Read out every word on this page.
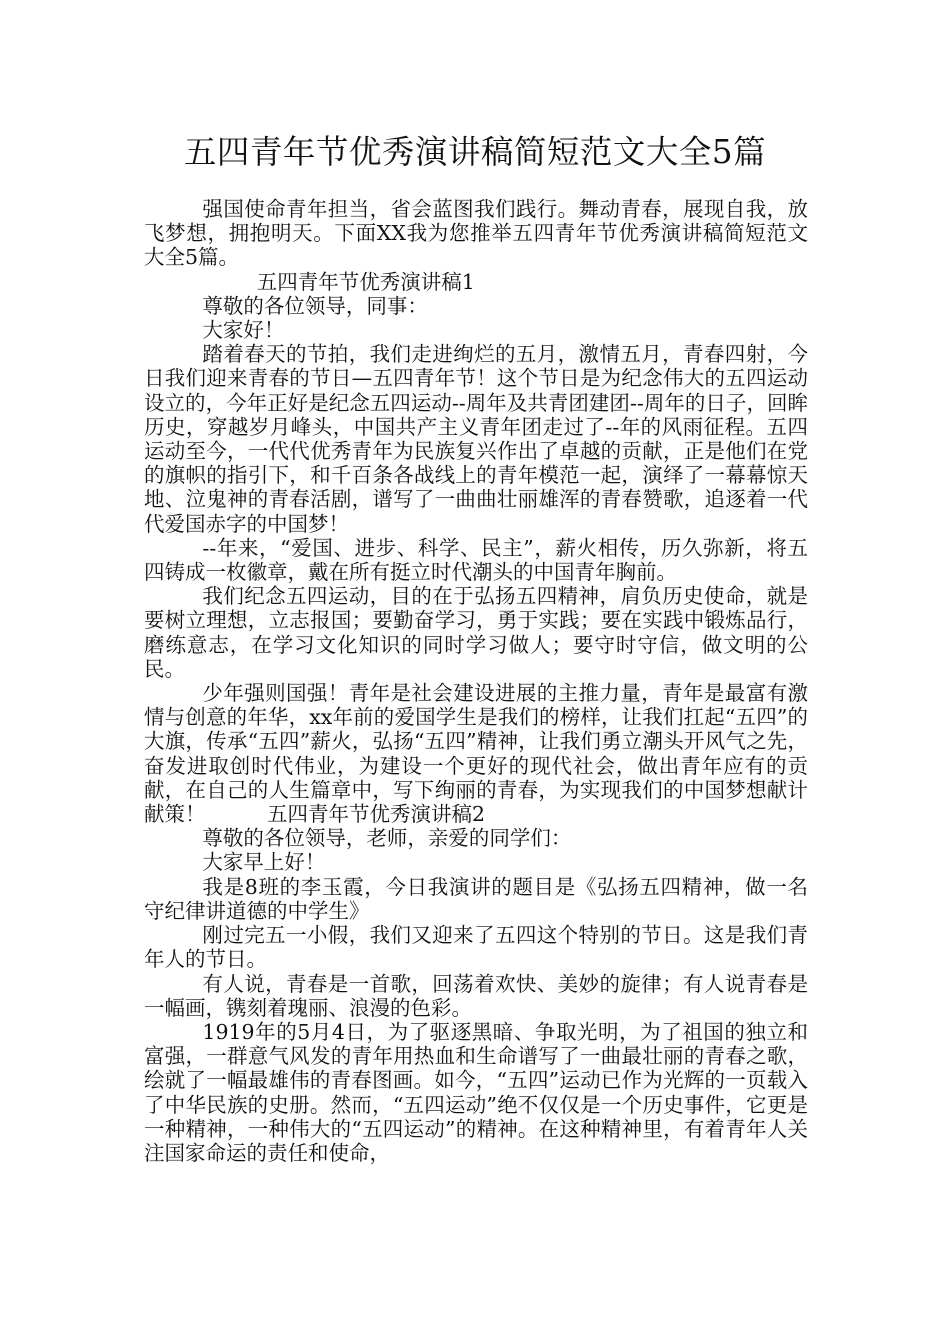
五四青年节优秀演讲稿简短范文大全5篇

强国使命青年担当，省会蓝图我们践行。舞动青春，展现自我，放飞梦想，拥抱明天。下面XX我为您推举五四青年节优秀演讲稿简短范文大全5篇。

五四青年节优秀演讲稿1

尊敬的各位领导，同事：

大家好！

踏着春天的节拍，我们走进绚烂的五月，激情五月，青春四射，今日我们迎来青春的节日—五四青年节！这个节日是为纪念伟大的五四运动设立的，今年正好是纪念五四运动--周年及共青团建团--周年的日子，回眸历史，穿越岁月峰头，中国共产主义青年团走过了--年的风雨征程。五四运动至今，一代代优秀青年为民族复兴作出了卓越的贡献，正是他们在党的旗帜的指引下，和千百条各战线上的青年模范一起，演绎了一幕幕惊天地、泣鬼神的青春活剧，谱写了一曲曲壮丽雄浑的青春赞歌，追逐着一代代爱国赤字的中国梦！

--年来，“爱国、进步、科学、民主”，薪火相传，历久弥新，将五四铸成一枚徽章，戴在所有挺立时代潮头的中国青年胸前。

我们纪念五四运动，目的在于弘扬五四精神，肩负历史使命，就是要树立理想，立志报国；要勤奋学习，勇于实践；要在实践中锻炼品行，磨练意志，在学习文化知识的同时学习做人；要守时守信，做文明的公民。

少年强则国强！青年是社会建设进展的主推力量，青年是最富有激情与创意的年华，xx年前的爱国学生是我们的榜样，让我们扛起“五四”的大旗，传承“五四”薪火，弘扬“五四”精神，让我们勇立潮头开风气之先，奋发进取创时代伟业，为建设一个更好的现代社会，做出青年应有的贡献，在自己的人生篇章中，写下绚丽的青春，为实现我们的中国梦想献计献策！　　　五四青年节优秀演讲稿2

尊敬的各位领导，老师，亲爱的同学们：

大家早上好！

我是8班的李玉霞，今日我演讲的题目是《弘扬五四精神，做一名守纪律讲道德的中学生》

刚过完五一小假，我们又迎来了五四这个特别的节日。这是我们青年人的节日。

有人说，青春是一首歌，回荡着欢快、美妙的旋律；有人说青春是一幅画，镌刻着瑰丽、浪漫的色彩。

1919年的5月4日，为了驱逐黑暗、争取光明，为了祖国的独立和富强，一群意气风发的青年用热血和生命谱写了一曲最壮丽的青春之歌，绘就了一幅最雄伟的青春图画。如今，“五四”运动已作为光辉的一页载入了中华民族的史册。然而，“五四运动”绝不仅仅是一个历史事件，它更是一种精神，一种伟大的“五四运动”的精神。在这种精神里，有着青年人关注国家命运的责任和使命，
